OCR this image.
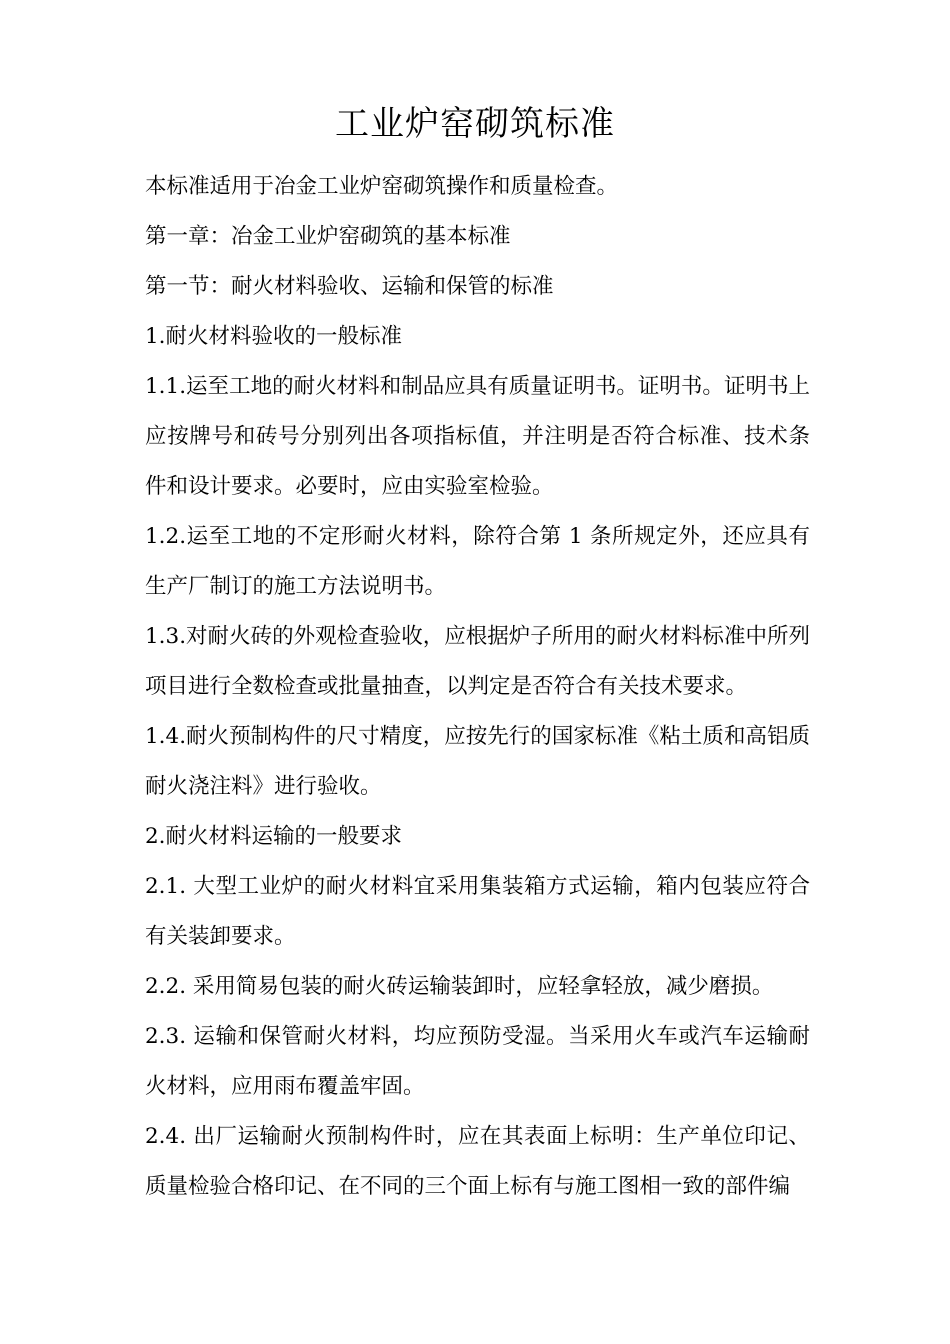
工业炉窑砌筑标准

本标准适用于冶金工业炉窑砌筑操作和质量检查。

第一章：冶金工业炉窑砌筑的基本标准

第一节：耐火材料验收、运输和保管的标准

1.耐火材料验收的一般标准

1.1.运至工地的耐火材料和制品应具有质量证明书。证明书。证明书上应按牌号和砖号分别列出各项指标值，并注明是否符合标准、技术条件和设计要求。必要时，应由实验室检验。

1.2.运至工地的不定形耐火材料，除符合第 1 条所规定外，还应具有生产厂制订的施工方法说明书。

1.3.对耐火砖的外观检查验收，应根据炉子所用的耐火材料标准中所列项目进行全数检查或批量抽查，以判定是否符合有关技术要求。

1.4.耐火预制构件的尺寸精度，应按先行的国家标准《粘土质和高铝质耐火浇注料》进行验收。

2.耐火材料运输的一般要求

2.1. 大型工业炉的耐火材料宜采用集装箱方式运输，箱内包装应符合有关装卸要求。

2.2. 采用简易包装的耐火砖运输装卸时，应轻拿轻放，减少磨损。

2.3. 运输和保管耐火材料，均应预防受湿。当采用火车或汽车运输耐火材料，应用雨布覆盖牢固。

2.4. 出厂运输耐火预制构件时，应在其表面上标明：生产单位印记、质量检验合格印记、在不同的三个面上标有与施工图相一致的部件编
